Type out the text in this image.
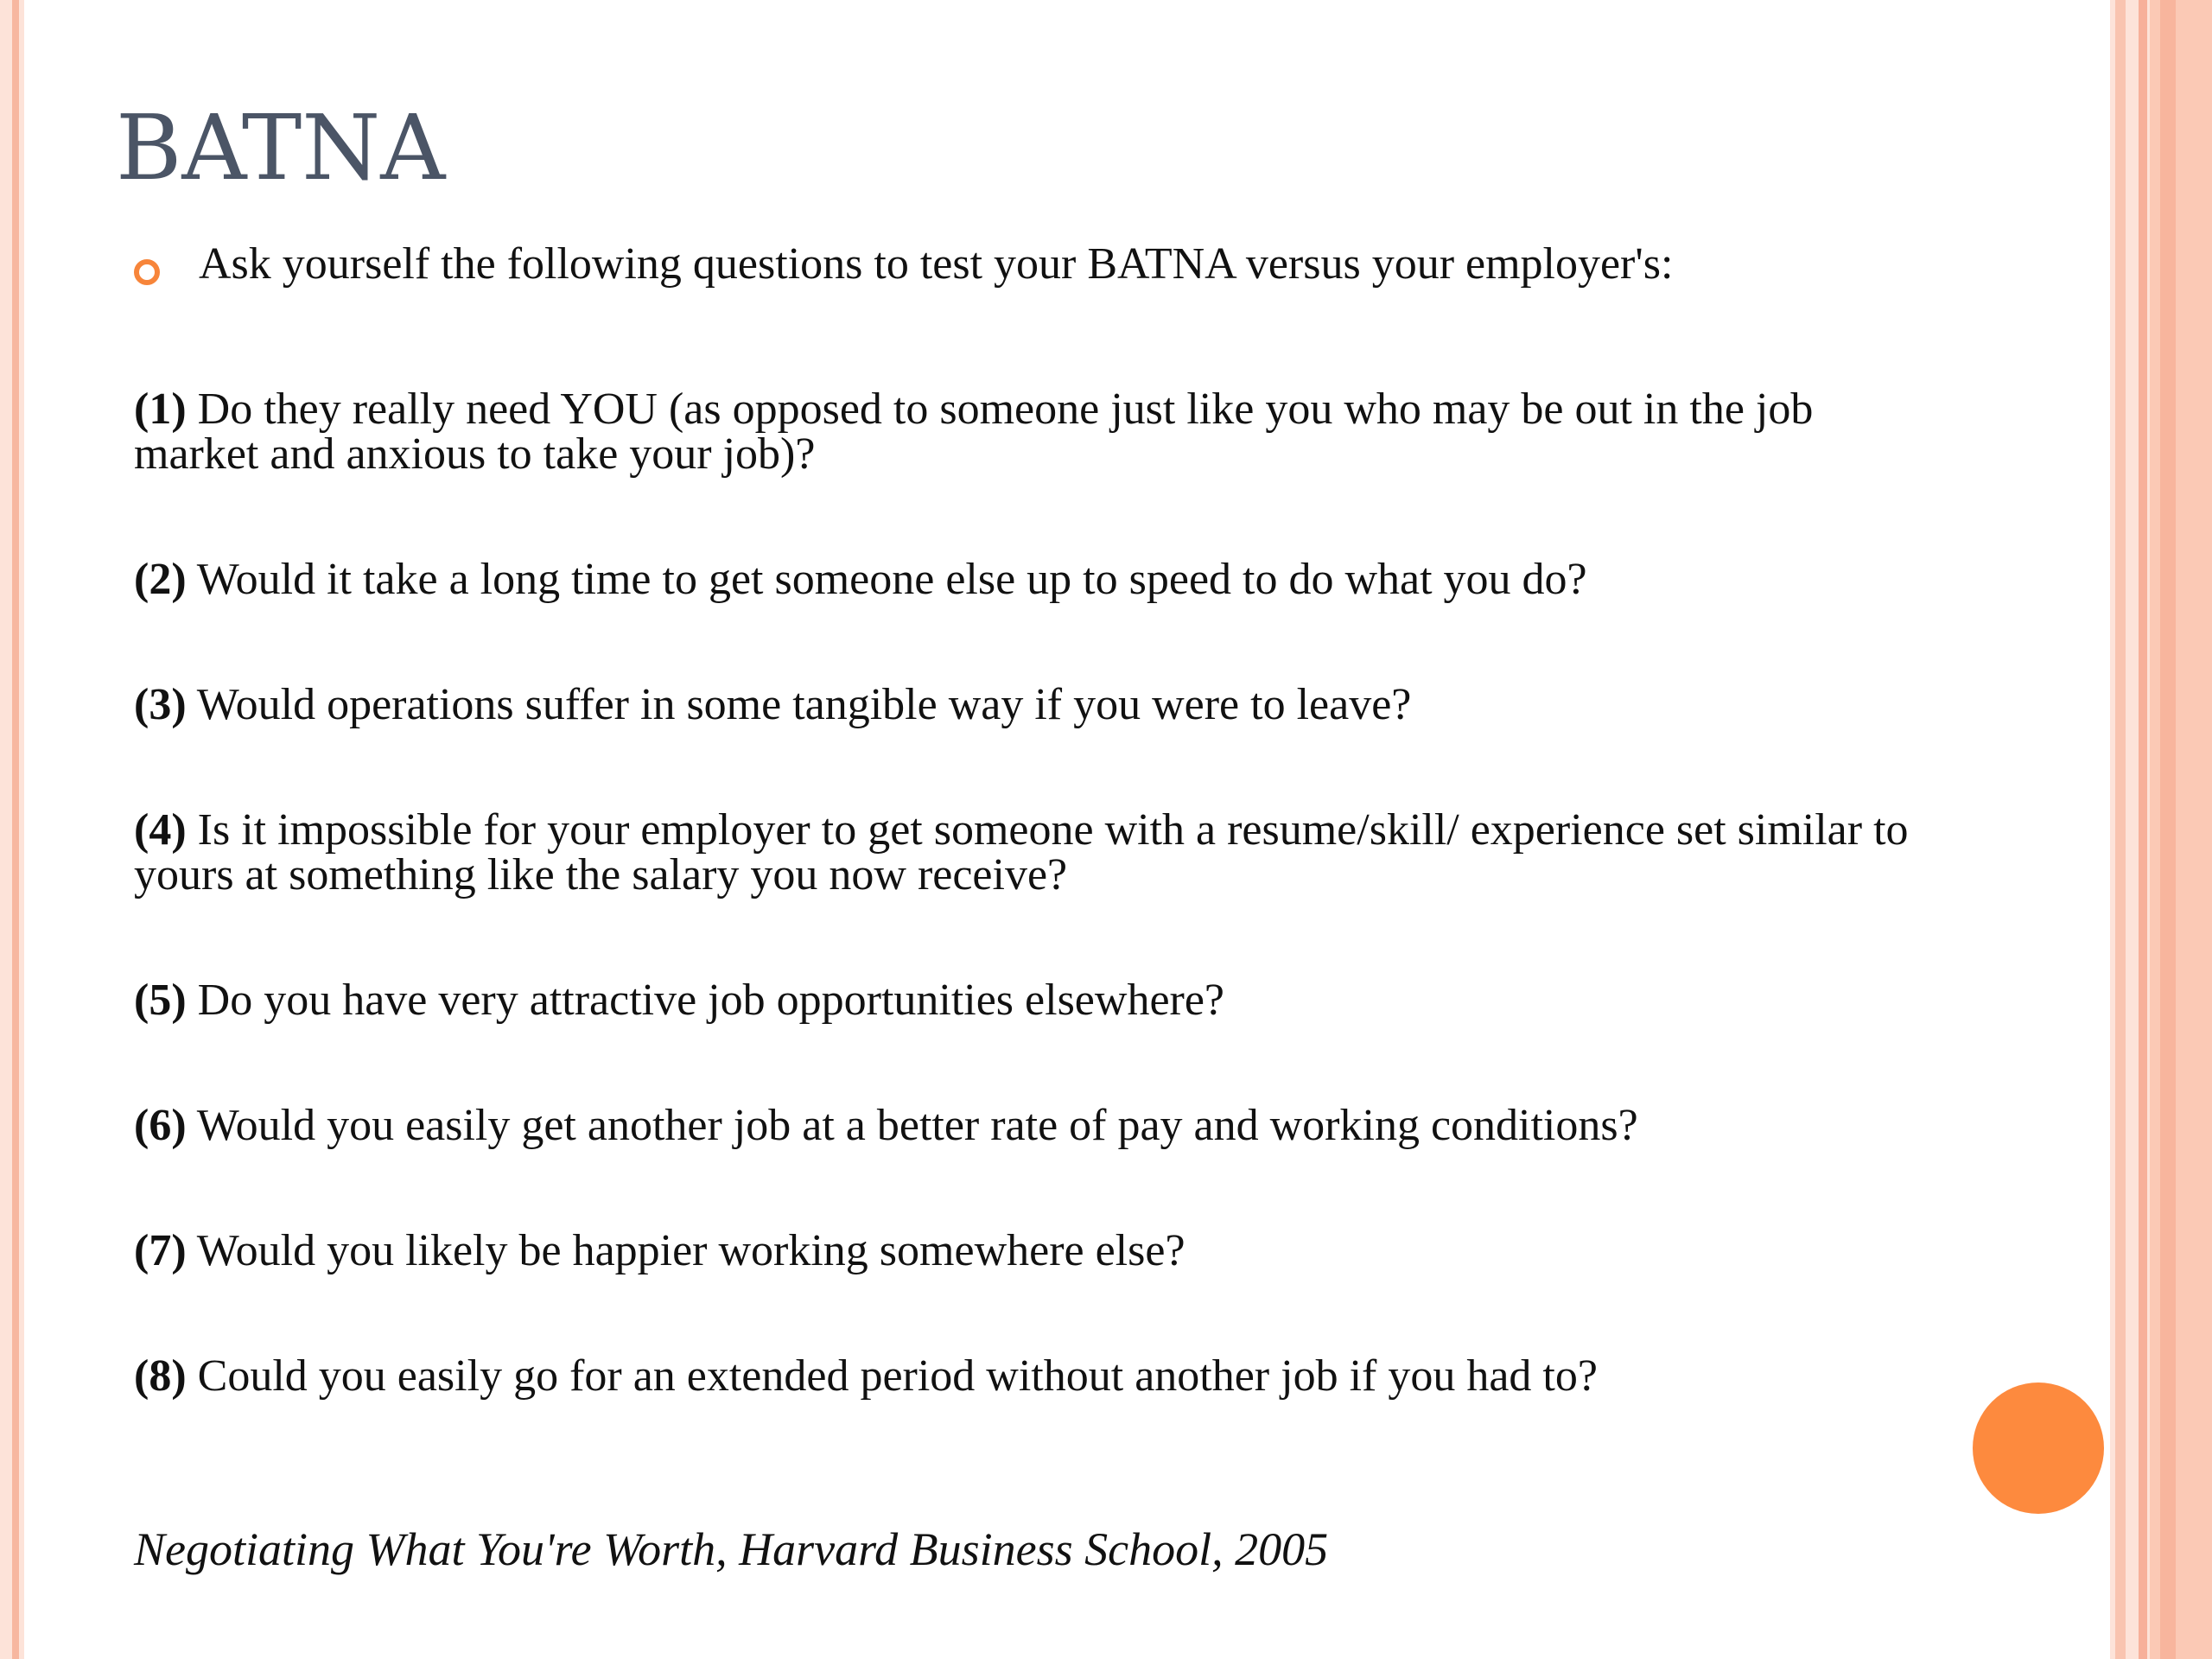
BATNA
Ask yourself the following questions to test your BATNA versus your employer's:

(1) Do they really need YOU (as opposed to someone just like you who may be out in the job market and anxious to take your job)?

(2) Would it take a long time to get someone else up to speed to do what you do?

(3) Would operations suffer in some tangible way if you were to leave?

(4) Is it impossible for your employer to get someone with a resume/skill/ experience set similar to yours at something like the salary you now receive?

(5) Do you have very attractive job opportunities elsewhere?

(6) Would you easily get another job at a better rate of pay and working conditions?

(7) Would you likely be happier working somewhere else?

(8) Could you easily go for an extended period without another job if you had to?

Negotiating What You're Worth, Harvard Business School, 2005
